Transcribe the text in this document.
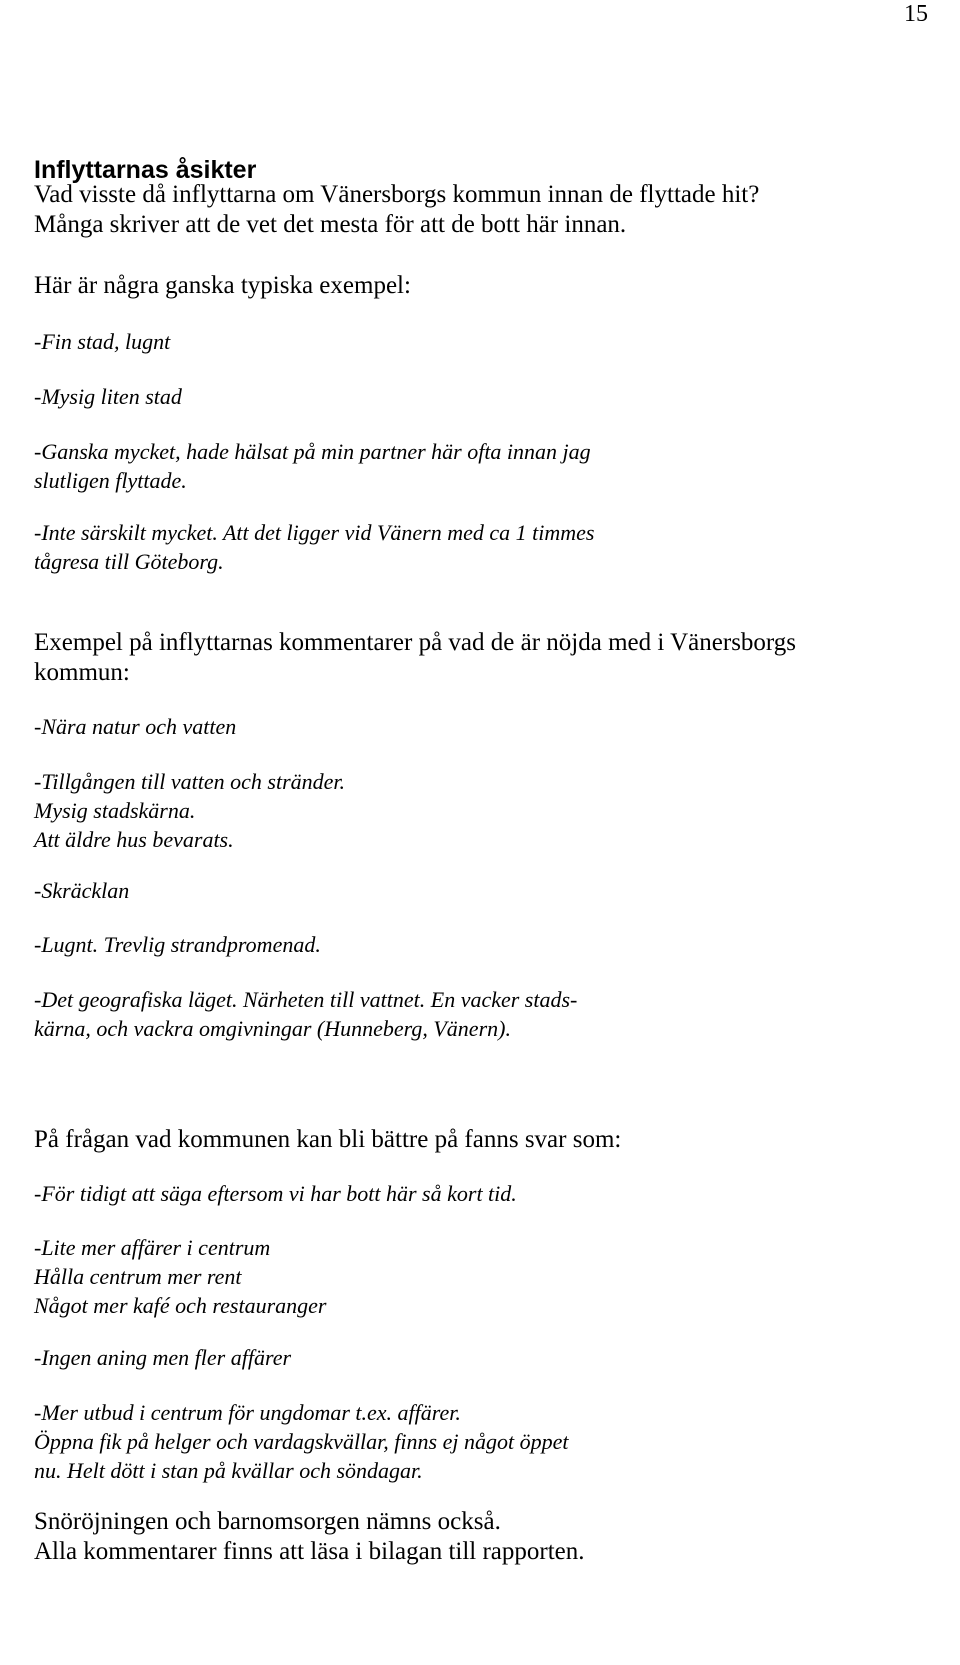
15
Inflyttarnas åsikter

Vad visste då inflyttarna om Vänersborgs kommun innan de flyttade hit?
Många skriver att de vet det mesta för att de bott här innan.

Här är några ganska typiska exempel:

-Fin stad, lugnt

-Mysig liten stad

-Ganska mycket, hade hälsat på min partner här ofta innan jag
slutligen flyttade.

-Inte särskilt mycket. Att det ligger vid Vänern med ca 1 timmes
tågresa till Göteborg.

Exempel på inflyttarnas kommentarer på vad de är nöjda med i Vänersborgs
kommun:

-Nära natur och vatten

-Tillgången till vatten och stränder.
Mysig stadskärna.
Att äldre hus bevarats.

-Skräcklan

-Lugnt. Trevlig strandpromenad.

-Det geografiska läget. Närheten till vattnet. En vacker stads-
kärna, och vackra omgivningar (Hunneberg, Vänern).

På frågan vad kommunen kan bli bättre på fanns svar som:

-För tidigt att säga eftersom vi har bott här så kort tid.

-Lite mer affärer i centrum
Hålla centrum mer rent
Något mer kafé och restauranger

-Ingen aning men fler affärer

-Mer utbud i centrum för ungdomar t.ex. affärer.
Öppna fik på helger och vardagskvällar, finns ej något öppet
nu. Helt dött i stan på kvällar och söndagar.

Snöröjningen och barnomsorgen nämns också.
Alla kommentarer finns att läsa i bilagan till rapporten.
